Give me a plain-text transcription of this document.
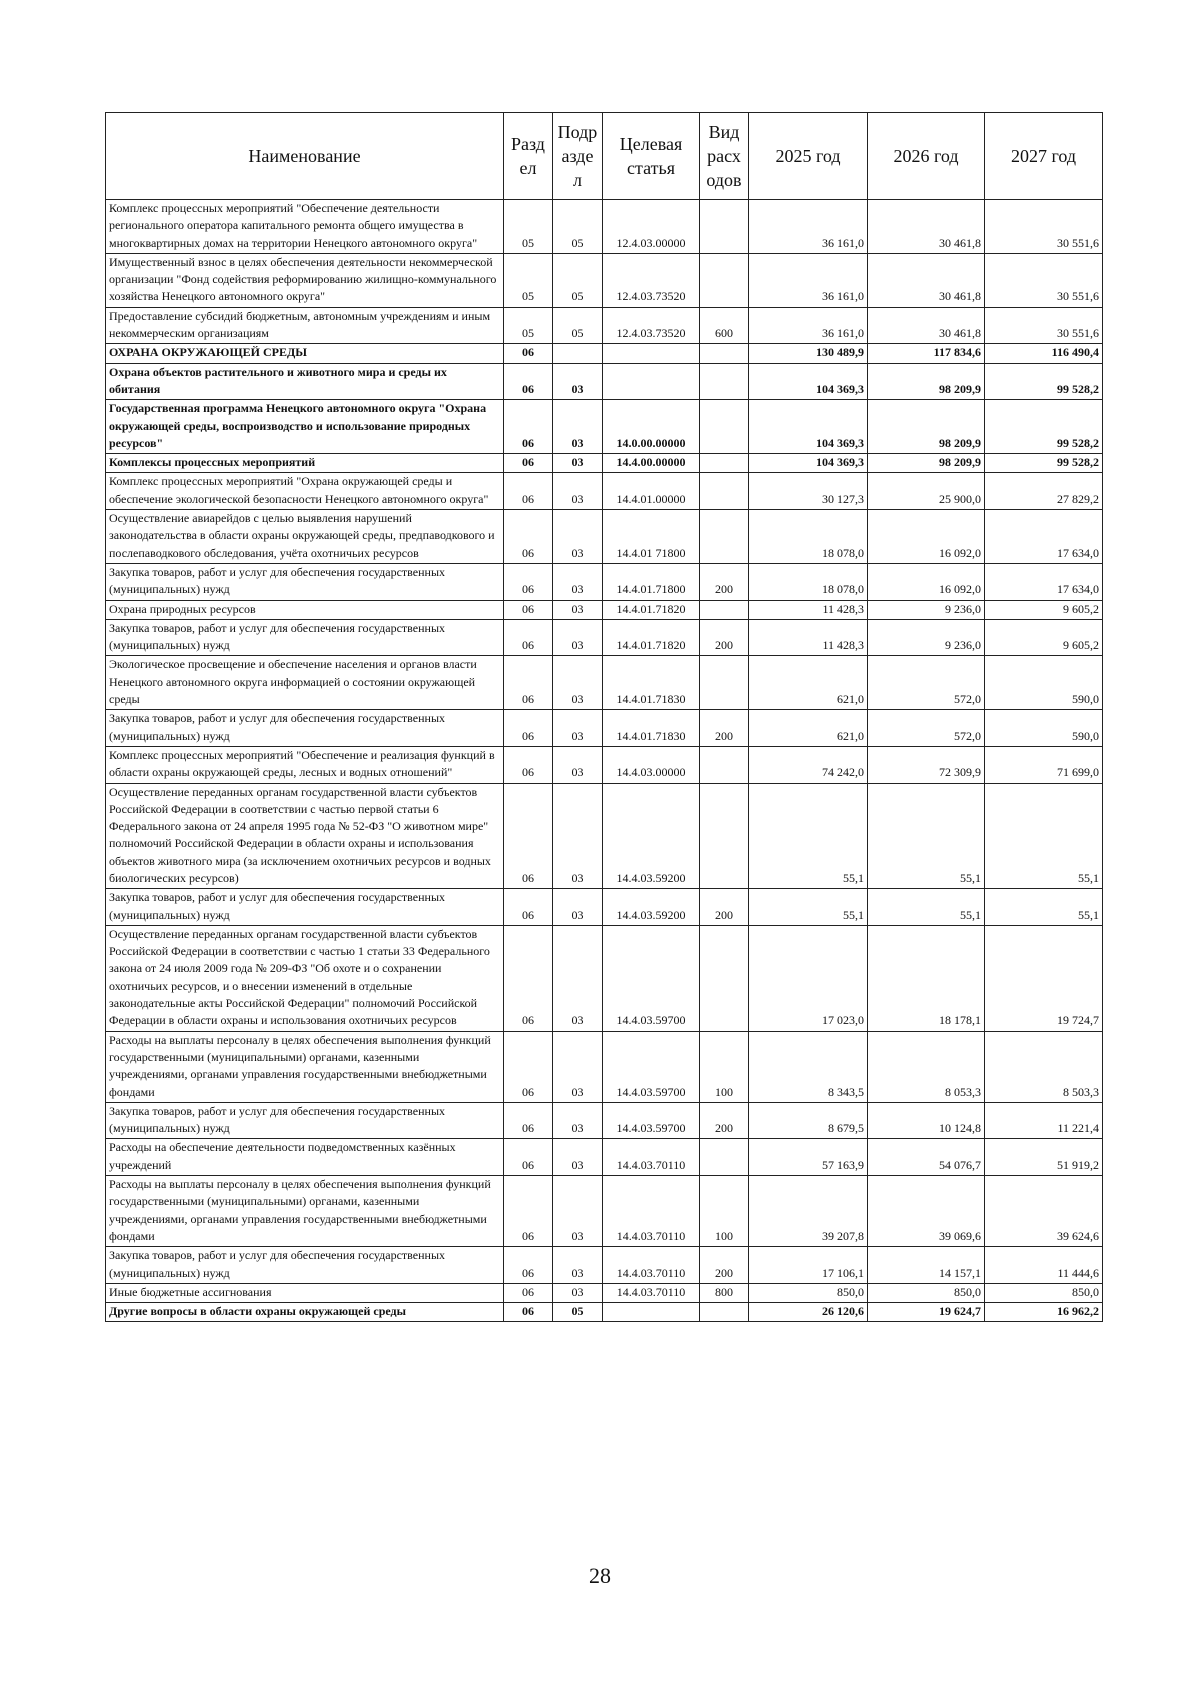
Наименование	Разд ел	Подр азде л	Целевая статья	Вид расх одов	2025 год	2026 год	2027 год
Комплекс процессных мероприятий "Обеспечение деятельности регионального оператора капитального ремонта общего имущества в многоквартирных домах на территории Ненецкого автономного округа"	05	05	12.4.03.00000		36 161,0	30 461,8	30 551,6
Имущественный взнос в целях обеспечения деятельности некоммерческой организации "Фонд содействия реформированию жилищно-коммунального хозяйства Ненецкого автономного округа"	05	05	12.4.03.73520		36 161,0	30 461,8	30 551,6
Предоставление субсидий бюджетным, автономным учреждениям и иным некоммерческим организациям	05	05	12.4.03.73520	600	36 161,0	30 461,8	30 551,6
ОХРАНА ОКРУЖАЮЩЕЙ СРЕДЫ	06				130 489,9	117 834,6	116 490,4
Охрана объектов растительного и животного мира и среды их обитания	06	03			104 369,3	98 209,9	99 528,2
Государственная программа Ненецкого автономного округа "Охрана окружающей среды, воспроизводство и использование природных ресурсов"	06	03	14.0.00.00000		104 369,3	98 209,9	99 528,2
Комплексы процессных мероприятий	06	03	14.4.00.00000		104 369,3	98 209,9	99 528,2
Комплекс процессных мероприятий "Охрана окружающей среды и обеспечение экологической безопасности Ненецкого автономного округа"	06	03	14.4.01.00000		30 127,3	25 900,0	27 829,2
Осуществление авиарейдов с целью выявления нарушений законодательства в области охраны окружающей среды, предпаводкового и послепаводкового обследования, учёта охотничьих ресурсов	06	03	14.4.01 71800		18 078,0	16 092,0	17 634,0
Закупка товаров, работ и услуг для обеспечения государственных (муниципальных) нужд	06	03	14.4.01.71800	200	18 078,0	16 092,0	17 634,0
Охрана природных ресурсов	06	03	14.4.01.71820		11 428,3	9 236,0	9 605,2
Закупка товаров, работ и услуг для обеспечения государственных (муниципальных) нужд	06	03	14.4.01.71820	200	11 428,3	9 236,0	9 605,2
Экологическое просвещение и обеспечение населения и органов власти Ненецкого автономного округа информацией о состоянии окружающей среды	06	03	14.4.01.71830		621,0	572,0	590,0
Закупка товаров, работ и услуг для обеспечения государственных (муниципальных) нужд	06	03	14.4.01.71830	200	621,0	572,0	590,0
Комплекс процессных мероприятий "Обеспечение и реализация функций в области охраны окружающей среды, лесных и водных отношений"	06	03	14.4.03.00000		74 242,0	72 309,9	71 699,0
Осуществление переданных органам государственной власти субъектов Российской Федерации в соответствии с частью первой статьи 6 Федерального закона от 24 апреля 1995 года № 52-ФЗ "О животном мире" полномочий Российской Федерации в области охраны и использования объектов животного мира (за исключением охотничьих ресурсов и водных биологических ресурсов)	06	03	14.4.03.59200		55,1	55,1	55,1
Закупка товаров, работ и услуг для обеспечения государственных (муниципальных) нужд	06	03	14.4.03.59200	200	55,1	55,1	55,1
Осуществление переданных органам государственной власти субъектов Российской Федерации в соответствии с частью 1 статьи 33 Федерального закона от 24 июля 2009 года № 209-ФЗ "Об охоте и о сохранении охотничьих ресурсов, и о внесении изменений в отдельные законодательные акты Российской Федерации" полномочий Российской Федерации в области охраны и использования охотничьих ресурсов	06	03	14.4.03.59700		17 023,0	18 178,1	19 724,7
Расходы на выплаты персоналу в целях обеспечения выполнения функций государственными (муниципальными) органами, казенными учреждениями, органами управления государственными внебюджетными фондами	06	03	14.4.03.59700	100	8 343,5	8 053,3	8 503,3
Закупка товаров, работ и услуг для обеспечения государственных (муниципальных) нужд	06	03	14.4.03.59700	200	8 679,5	10 124,8	11 221,4
Расходы на обеспечение деятельности подведомственных казённых учреждений	06	03	14.4.03.70110		57 163,9	54 076,7	51 919,2
Расходы на выплаты персоналу в целях обеспечения выполнения функций государственными (муниципальными) органами, казенными учреждениями, органами управления государственными внебюджетными фондами	06	03	14.4.03.70110	100	39 207,8	39 069,6	39 624,6
Закупка товаров, работ и услуг для обеспечения государственных (муниципальных) нужд	06	03	14.4.03.70110	200	17 106,1	14 157,1	11 444,6
Иные бюджетные ассигнования	06	03	14.4.03.70110	800	850,0	850,0	850,0
Другие вопросы в области охраны окружающей среды	06	05			26 120,6	19 624,7	16 962,2
28
